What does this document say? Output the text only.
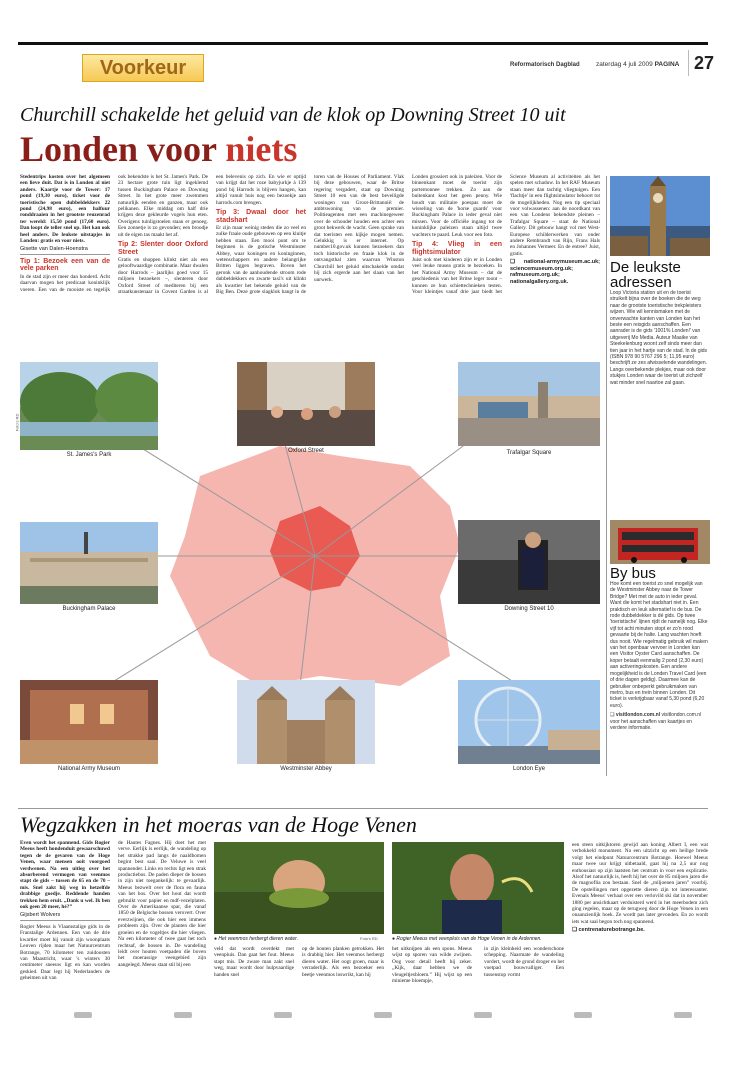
Voorkeur	Reformatorisch Dagblad	zaterdag 4 juli 2009 PAGINA 27
Churchill schakelde het geluid van de klok op Downing Street 10 uit
Londen voor niets

Stedentrips kosten over het algemeen een lieve duit. Dat is in Londen al niet anders. Kaartje voor de Tower: 17 pond (19,30 euro), ticket voor de toeristische open dubbeldekkers 22 pond (24,98 euro), een halfuur ronddraaien in het grootste reuzenrad ter wereld: 15,50 pond (17,60 euro). Dan loopt de teller snel op. Het kan ook heel anders. De leukste uitstapjes in Londen: gratis en voor niets.

Gisette van Dalen-Hoenstra
Tip 1: Bezoek een van de vele parken

In de stad zijn er meer dan honderd. Acht daarvan mogen het predicaat koninklijk voeren. Een van de mooiste en tegelijk ook bekendste is het St. James's Park. De 23 hectare grote tuin ligt ingeklemd tussen Buckingham Palace en Downing Street. In het grote meer zwemmen natuurlijk eenden en ganzen, maar ook pelikanen. Elke middag om half drie krijgen deze gekleurde vogels hun eten. Overigens tuinligstoelen staan er genoeg. Een zonnetje is zo gevonden; een broodje uit de eigen tas maakt het af.

Tip 2: Slenter door Oxford Street

Gratis en shoppen klinkt niet als een gelooftwaardige combinatie. Maar dwalen door Harrods – jaarlijks goed voor 15 miljoen bezoekers –, slenteren door Oxford Street of mediteren bij een straatkunstenaar in Covent Garden is al een belevenis op zich. En wie er optijd van krijgt dat het roze babyjurkje à 139 pond bij Harrods is blijven hangen, kan altijd vanuit huis nog een bezoekje aan harrods.com brengen.

Tip 3: Dwaal door het stadshart

Er zijn maar weinig steden die zo veel en zulke fraaie oude gebouwen op een kluitje hebben staan. Een mooi punt om te beginnen is de gotische Westminster Abbey, waar koningen en koninginnen, wetenschappers en andere belangrijke Britten liggen begraven. Boven het geronk van de aanhoudende stroom rode dubbeldekkers en zwarte taxi's uit klinkt als kwartier het bekende geluid van de Big Ben. Deze grote slagklok hangt in de toren van de Houses of Parliament. Vlak bij deze gebouwen, waar de Britse regering vergadert, staat op Downing Street 10 een van de best beveiligde woningen van Groot-Brittannië: de ambtswoning van de premier. Politieagenten met een machinegeweer over de schouder houden een achter een groot hekwerk de wacht. Geen sprake van dat toeristen een kijkje mogen nemen. Gelukkig is er internet. Op number10.gov.uk kunnen bezoekers dan toch historische en fraaie klok in de ontvangsthal zien waarvan Winston Churchill het geluid uitschakelde omdat hij zich ergerde aan het slaan van het uurwerk.

Londen grossiert ook in paleizen. Voor de binnenkant moet de toerist zijn portemonnee trekken. Zo aan de buitenkant kost het geen penny. Wie houdt van militaire poespas moet de wisseling van de 'horse guards' voor Buckingham Palace in ieder geval niet missen. Voor de officiële ingang tot de koninklijke paleizen staan altijd twee wachters te paard. Leuk voor een foto.

Tip 4: Vlieg in een flightsimulator

Juist ook met kinderen zijn er in Londen veel leuke musea gratis te bezoeken. In het National Army Museum – dat de geschiedenis van het Britse leger toont – kunnen ze hun schiettechnieken testen. Voor kleintjes vanaf drie jaar biedt het Science Museum al activiteiten als het spelen met schaduw. In het RAF Museum staan meer dan tachtig vliegtuigen. Een 'flachtje' in een flightsimulator behoort tot de mogelijkheden. Nog een tip speciaal voor volwassenen: aan de noordkant van een van Londens bekendste pleinen – Trafalgar Square – staat de National Gallery. Dit gebouw hangt vol met West-Europese schilderwerken van onder andere Rembrandt van Rijn, Frans Hals en Johannes Vermeer. En de entree? Juist, gratis.

❑ national-armymuseum.ac.uk; sciencemuseum.org.uk; rafmuseum.org.uk; nationalgallery.org.uk.

De leukste adressen
Loop Victoria station uit en de toerist struikelt bijna over de boeken die de weg naar de grootste toeristische trekpleisters wijzen. Wie wil kennismaken met de onverwachte kanten van Londen kan het beste een reisgids aanschaffen. Een aanrader is de gids '1001% Londen!' van uitgeverij Mo Media. Auteur Maaike van Steekelenburg woont zelf sinds meer dan tien jaar in het hartje van de stad. In de gids (ISBN 978 90 5767 296 5; 11,95 euro) beschrijft ze zes afwisselende wandelingen. Langs overbekende plekjes, maar ook door stukjes Londen waar de toerist uit zichzelf wat minder snel naartoe zal gaan.
By bus
Hoe komt een toerist zo snel mogelijk van de Westminster Abbey naar de Tower Bridge? Met met de auto in ieder geval. Want die komt het stadshart niet in. Een praktisch en leuk alternatief is de bus. De rode dubbeldekker is dé gids. Op twee 'toeristische' lijnen rijdt de nameljk nog. Elke vijf tot acht minuten stopt er zo'n rood gevaarte bij de halte. Lang wachten hoeft dus nooit. Wie regelmatig gebruik wil maken van het openbaar vervoer in Londen kan een Visitor Oyster Card aanschaffen. De koper betaalt eenmalig 2 pond (2,30 euro) aan activeringskosten. Een andere mogelijkheid is de Londen Travel Card (een of drie dagen geldig). Daarmee kan de gebruiker onbeperkt gebruikmaken van metro, bus en trein binnen Londen. Dit ticket is verkrijgbaar vanaf 5,30 pond (6,20 euro).
❑ visitlondon.com.nl visitlondon.com.nl voor het aanschaffen van kaartjes en verdere informatie.
St. James's Park
Foto's RD
Oxford Street	Trafalgar Square
Buckingham Palace	Downing Street 10
National Army Museum	Westminster Abbey	London Eye
Wegzakken in het moeras van de Hoge Venen

Even wordt het spannend. Gids Rogier Meeus heeft hondenduit gewaarschuwd tegen de de gevaren van de Hoge Venen, waar mensen ooit voorgoed verdwenen. Na een uitleg over het absorberend vermogen van veenmos stapt de gids – tussen de 65 en de 70 – mis. Snel zakt hij weg in hetzelfde drabbige goedje. Reddende handen trekken hem eruit. „Dank u wel. Ik ben ook geen 20 meer, hé?”

Gijsbert Wolvers

Rogier Meeus is Vlaamstalige gids in de Franstalige Ardennen. Een van de drie kwartier moet hij vanuit zijn woonplaats Leuven rijden maar het Natuurcentrum Botrange, 70 kilometer ten zuidoosten van Maastricht, waar 's winters 30 centimeter sneeuw ligt en kan worden geskied. Daar legt hij Nederlanders de geheimen uit van

de Hautes Fagnes. Hij doet het met verve. Eerlijk is eerlijk, de wandeling op het strakke pad langs de naaldbomen begint best saai. De Veluwe is veel spannender. Links en rechts ligt een strak productiebos. De paden dieper de bossen in zijn niet toegankelijk: te gevaarlijk. Meeus bezwelt over de flora en fauna van het bos. Over het hout dat wordt gebruikt voor papier en mdf-vezelplaten. Over de Amerikaanse spar, die vanaf 1850 de Belgische bossen verovert. Over everzwijnen, die ook hier een immens probleem zijn. Over de planten die hier groeien en de vogeltjes die hier vliegen. Na een kilometer of twee gaat het toch rechtsaf, de bossen in. De wandeling leidt over houten voetpaden die boven het moerassige veengebied zijn aangelegd. Meeus staat stil bij een
● Het veenmos herbergt dieren water.
veld dat wordt overdekt met veenpluis. Dan gaat het fout. Meeus stapt mis. De zware man zakt snel weg, maar wordt door hulpvaardige handen snel
Foto's RD
op de houten planken getrokken. Het is drabbig hier. Het veenmos herbergt dieren water. Het oogt groen, maar is verraderlijk. Als een bezoeker een beetje veenmos loswrikt, kan hij
● Rogier Meeus met veenpluis van de Hoge Venen in de Ardennen.
het uitknijpen als een spons. Meeus wijst op sporen van wilde zwijnen. Oog voor detail heeft hij zeker. „Kijk, daar hebben we de vleugeltjesbloem.” Hij wijst op een minieme bloempje,
in zijn kleinheid een wonderschone schepping. Naarmate de wandeling vordert, wordt de grond droger en het voetpad bouwvalliger. Een tussenstop vormt

een steen uitkijktoren gewijd aan koning Albert I, een wat verbokkeld monument. Na een uitzicht op een heilige brede volgt het eindpunt Natuurcentrum Botrange. Hoewel Meeus maar twee uur krijgt uitbetaald, gaat hij na 2,5 uur nog enthousiast op zijn laatsten het centrum in voor een explicatie. Alsof het natuurlijk is, heeft hij het over de 85 miljoen jaren die de magnoflia zou bestaan. Snel de „miljoenen jaren” voorbij. De opstellingen met opgezette dieren zijn tot interessanter. Evenals Meeus' verhaal over een verlovild ski dat in november 1880 per ansichtkaart verduisterd werd in het meerbodem zich ging regelen, maar op de terugweg door de Hoge Venen in een onaanzienlijk hoek. Ze wordt pas later gevonden. En zo wordt iets wat saai begon toch nog spannend.

❑ centrenaturebotrange.be.
